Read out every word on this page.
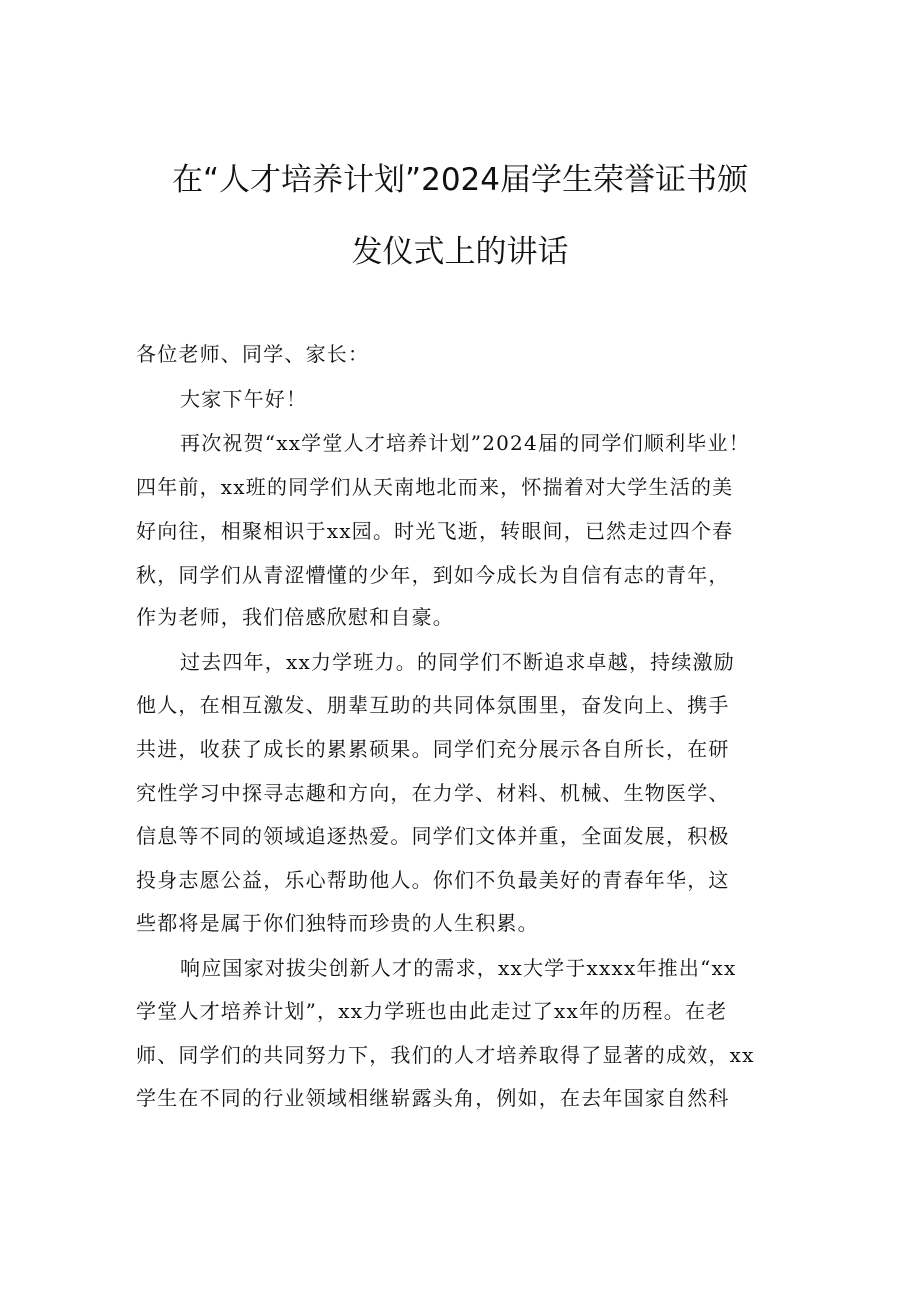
在“人才培养计划”2024届学生荣誉证书颁
发仪式上的讲话
各位老师、同学、家长：
大家下午好！
再次祝贺“xx学堂人才培养计划”2024届的同学们顺利毕业！
四年前，xx班的同学们从天南地北而来，怀揣着对大学生活的美
好向往，相聚相识于xx园。时光飞逝，转眼间，已然走过四个春
秋，同学们从青涩懵懂的少年，到如今成长为自信有志的青年，
作为老师，我们倍感欣慰和自豪。
过去四年，xx力学班力。的同学们不断追求卓越，持续激励
他人，在相互激发、朋辈互助的共同体氛围里，奋发向上、携手
共进，收获了成长的累累硕果。同学们充分展示各自所长，在研
究性学习中探寻志趣和方向，在力学、材料、机械、生物医学、
信息等不同的领域追逐热爱。同学们文体并重，全面发展，积极
投身志愿公益，乐心帮助他人。你们不负最美好的青春年华，这
些都将是属于你们独特而珍贵的人生积累。
响应国家对拔尖创新人才的需求，xx大学于xxxx年推出“xx
学堂人才培养计划”，xx力学班也由此走过了xx年的历程。在老
师、同学们的共同努力下，我们的人才培养取得了显著的成效，xx
学生在不同的行业领域相继崭露头角，例如，在去年国家自然科
